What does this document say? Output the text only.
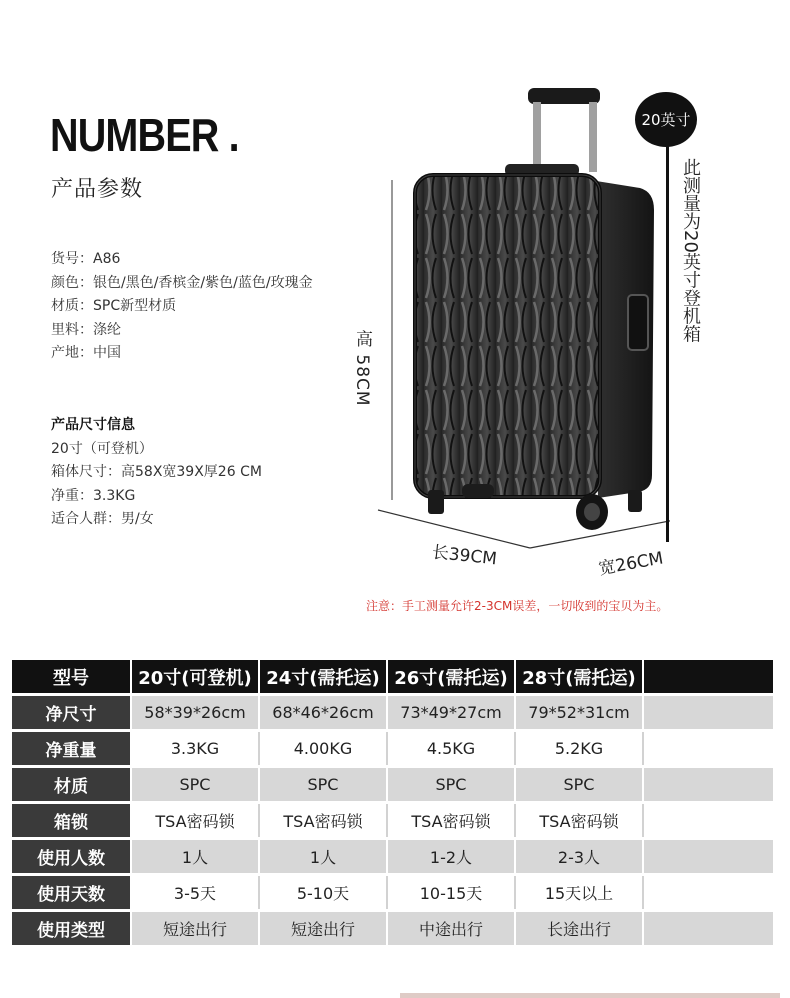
NUMBER .
产品参数
货号：A86
颜色：银色/黑色/香槟金/紫色/蓝色/玫瑰金
材质：SPC新型材质
里料：涤纶
产地：中国
产品尺寸信息
20寸（可登机）
箱体尺寸：高58X宽39X厚26 CM
净重：3.3KG
适合人群：男/女
高 58CM
20英寸
此测量为20英寸登机箱
长39CM	宽26CM
注意：手工测量允许2-3CM误差，一切收到的宝贝为主。
型号	20寸(可登机)	24寸(需托运)	26寸(需托运)	28寸(需托运)	
净尺寸	58*39*26cm	68*46*26cm	73*49*27cm	79*52*31cm	
净重量	3.3KG	4.00KG	4.5KG	5.2KG	
材质	SPC	SPC	SPC	SPC	
箱锁	TSA密码锁	TSA密码锁	TSA密码锁	TSA密码锁	
使用人数	1人	1人	1-2人	2-3人	
使用天数	3-5天	5-10天	10-15天	15天以上	
使用类型	短途出行	短途出行	中途出行	长途出行	
